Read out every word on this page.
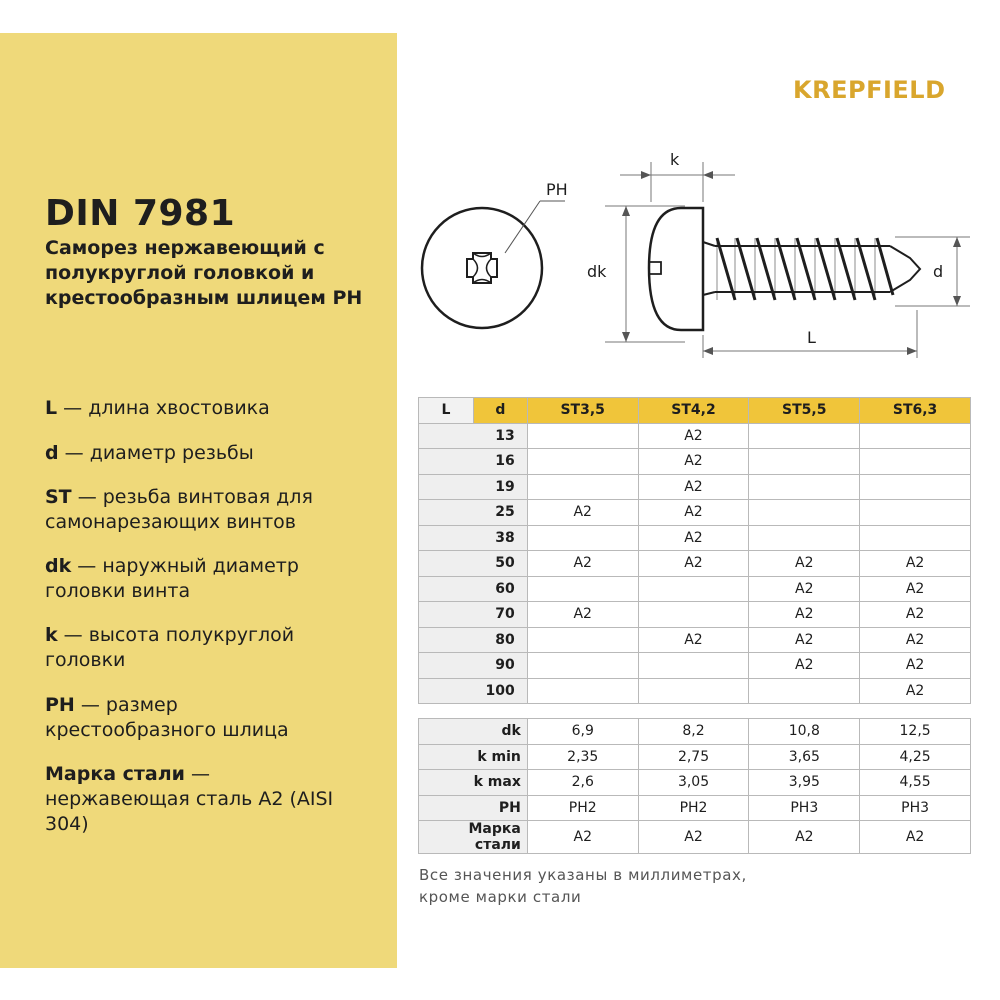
DIN 7981
Саморез нержавеющий с полукруглой головкой и крестообразным шлицем PH
L — длина хвостовика
d — диаметр резьбы
ST — резьба винтовая для самонарезающих винтов
dk — наружный диаметр головки винта
k — высота полукруглой головки
PH — размер крестообразного шлица
Марка стали — нержавеющая сталь A2 (AISI 304)
KREPFIELD
PH
k
dk	d
L
L	d	ST3,5	ST4,2	ST5,5	ST6,3
13			A2		
16			A2		
19			A2		
25		A2	A2		
38			A2		
50		A2	A2	A2	A2
60				A2	A2
70		A2		A2	A2
80			A2	A2	A2
90				A2	A2
100					A2
dk	6,9	8,2	10,8	12,5
k min	2,35	2,75	3,65	4,25
k max	2,6	3,05	3,95	4,55
PH	PH2	PH2	PH3	PH3
Марка стали	A2	A2	A2	A2
Все значения указаны в миллиметрах,
кроме марки стали
